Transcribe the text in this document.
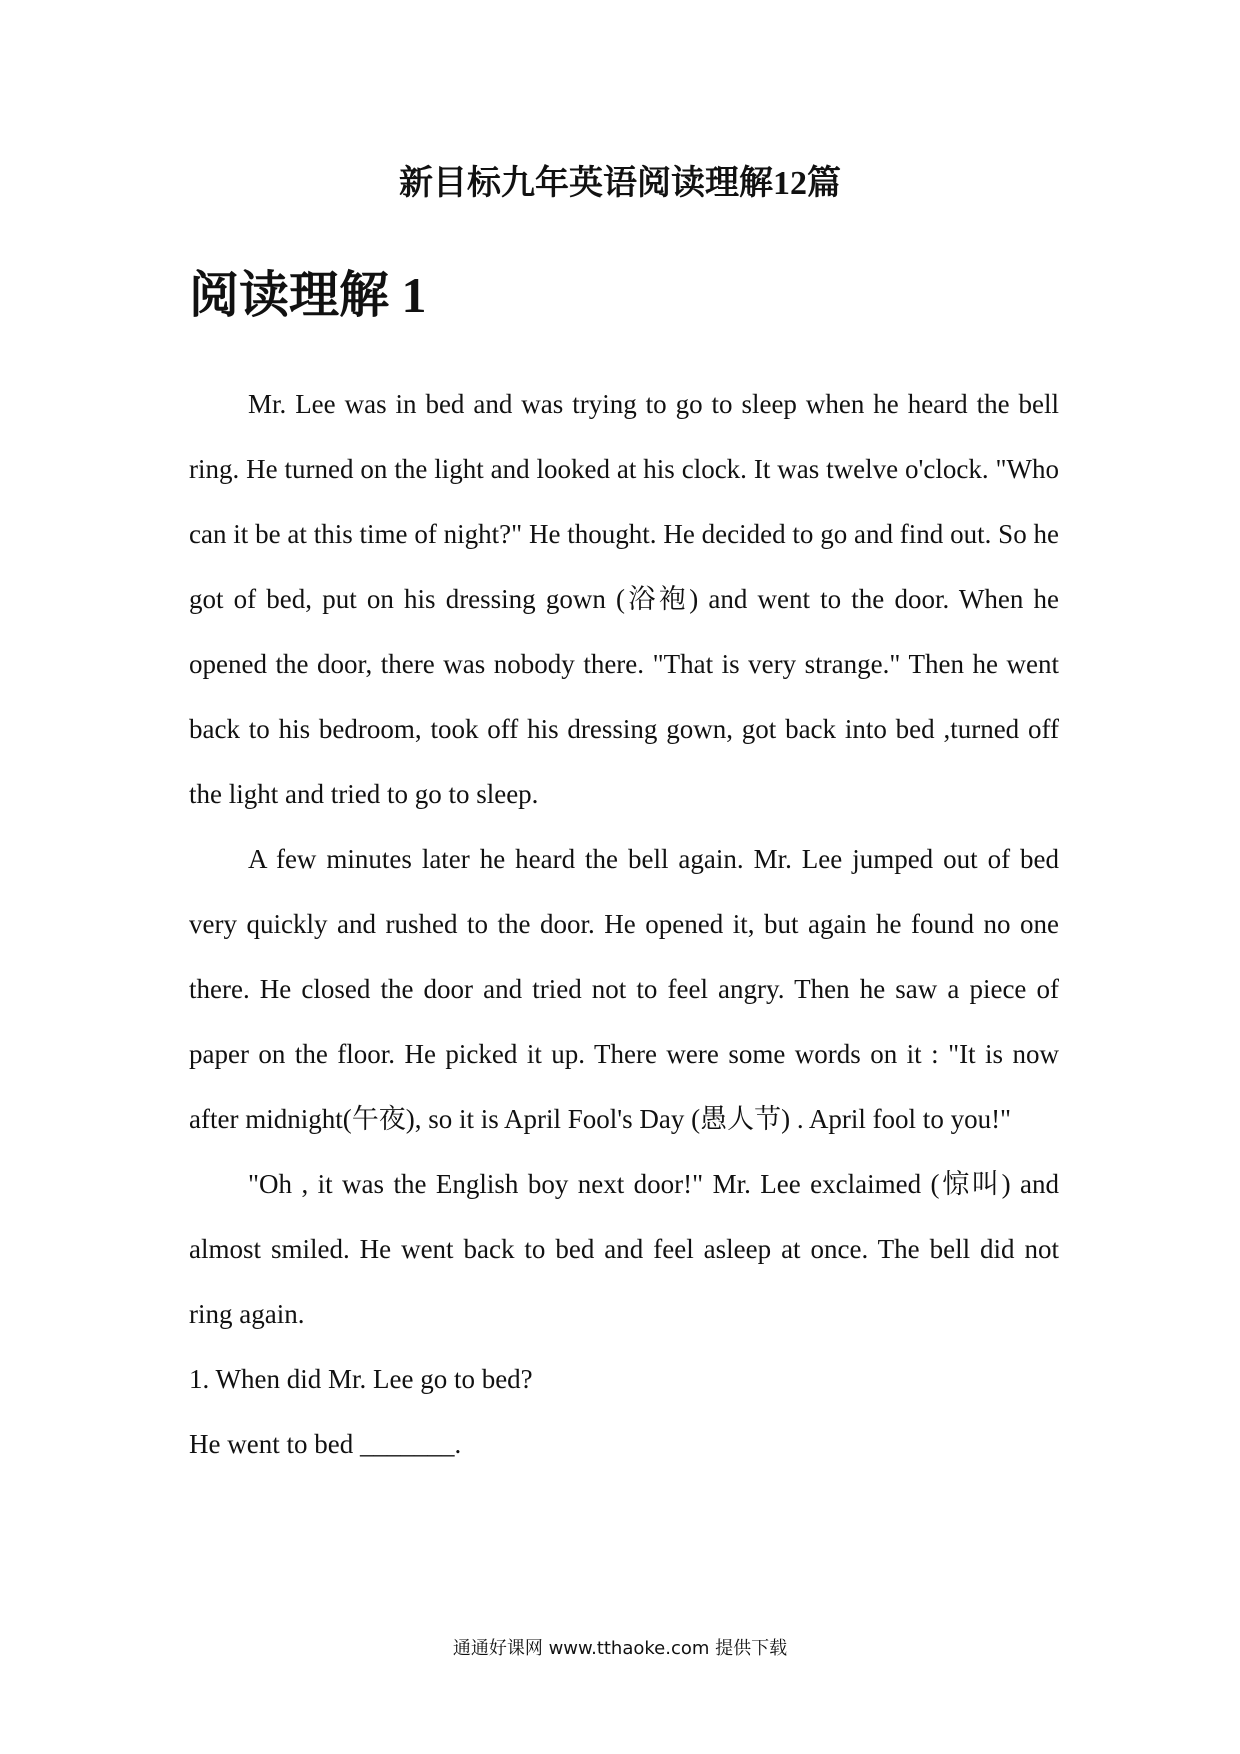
新目标九年英语阅读理解12篇
阅读理解 1

Mr. Lee was in bed and was trying to go to sleep when he heard the bell ring. He turned on the light and looked at his clock. It was twelve o'clock. "Who can it be at this time of night?" He thought. He decided to go and find out. So he got of bed, put on his dressing gown (浴袍) and went to the door. When he opened the door, there was nobody there. "That is very strange." Then he went back to his bedroom, took off his dressing gown, got back into bed ,turned off the light and tried to go to sleep.

A few minutes later he heard the bell again. Mr. Lee jumped out of bed very quickly and rushed to the door. He opened it, but again he found no one there. He closed the door and tried not to feel angry. Then he saw a piece of paper on the floor. He picked it up. There were some words on it : "It is now after midnight(午夜), so it is April Fool's Day (愚人节) . April fool to you!"

"Oh , it was the English boy next door!" Mr. Lee exclaimed (惊叫) and almost smiled. He went back to bed and feel asleep at once. The bell did not ring again.

1. When did Mr. Lee go to bed?

He went to bed _______.

通通好课网 www.tthaoke.com 提供下载
